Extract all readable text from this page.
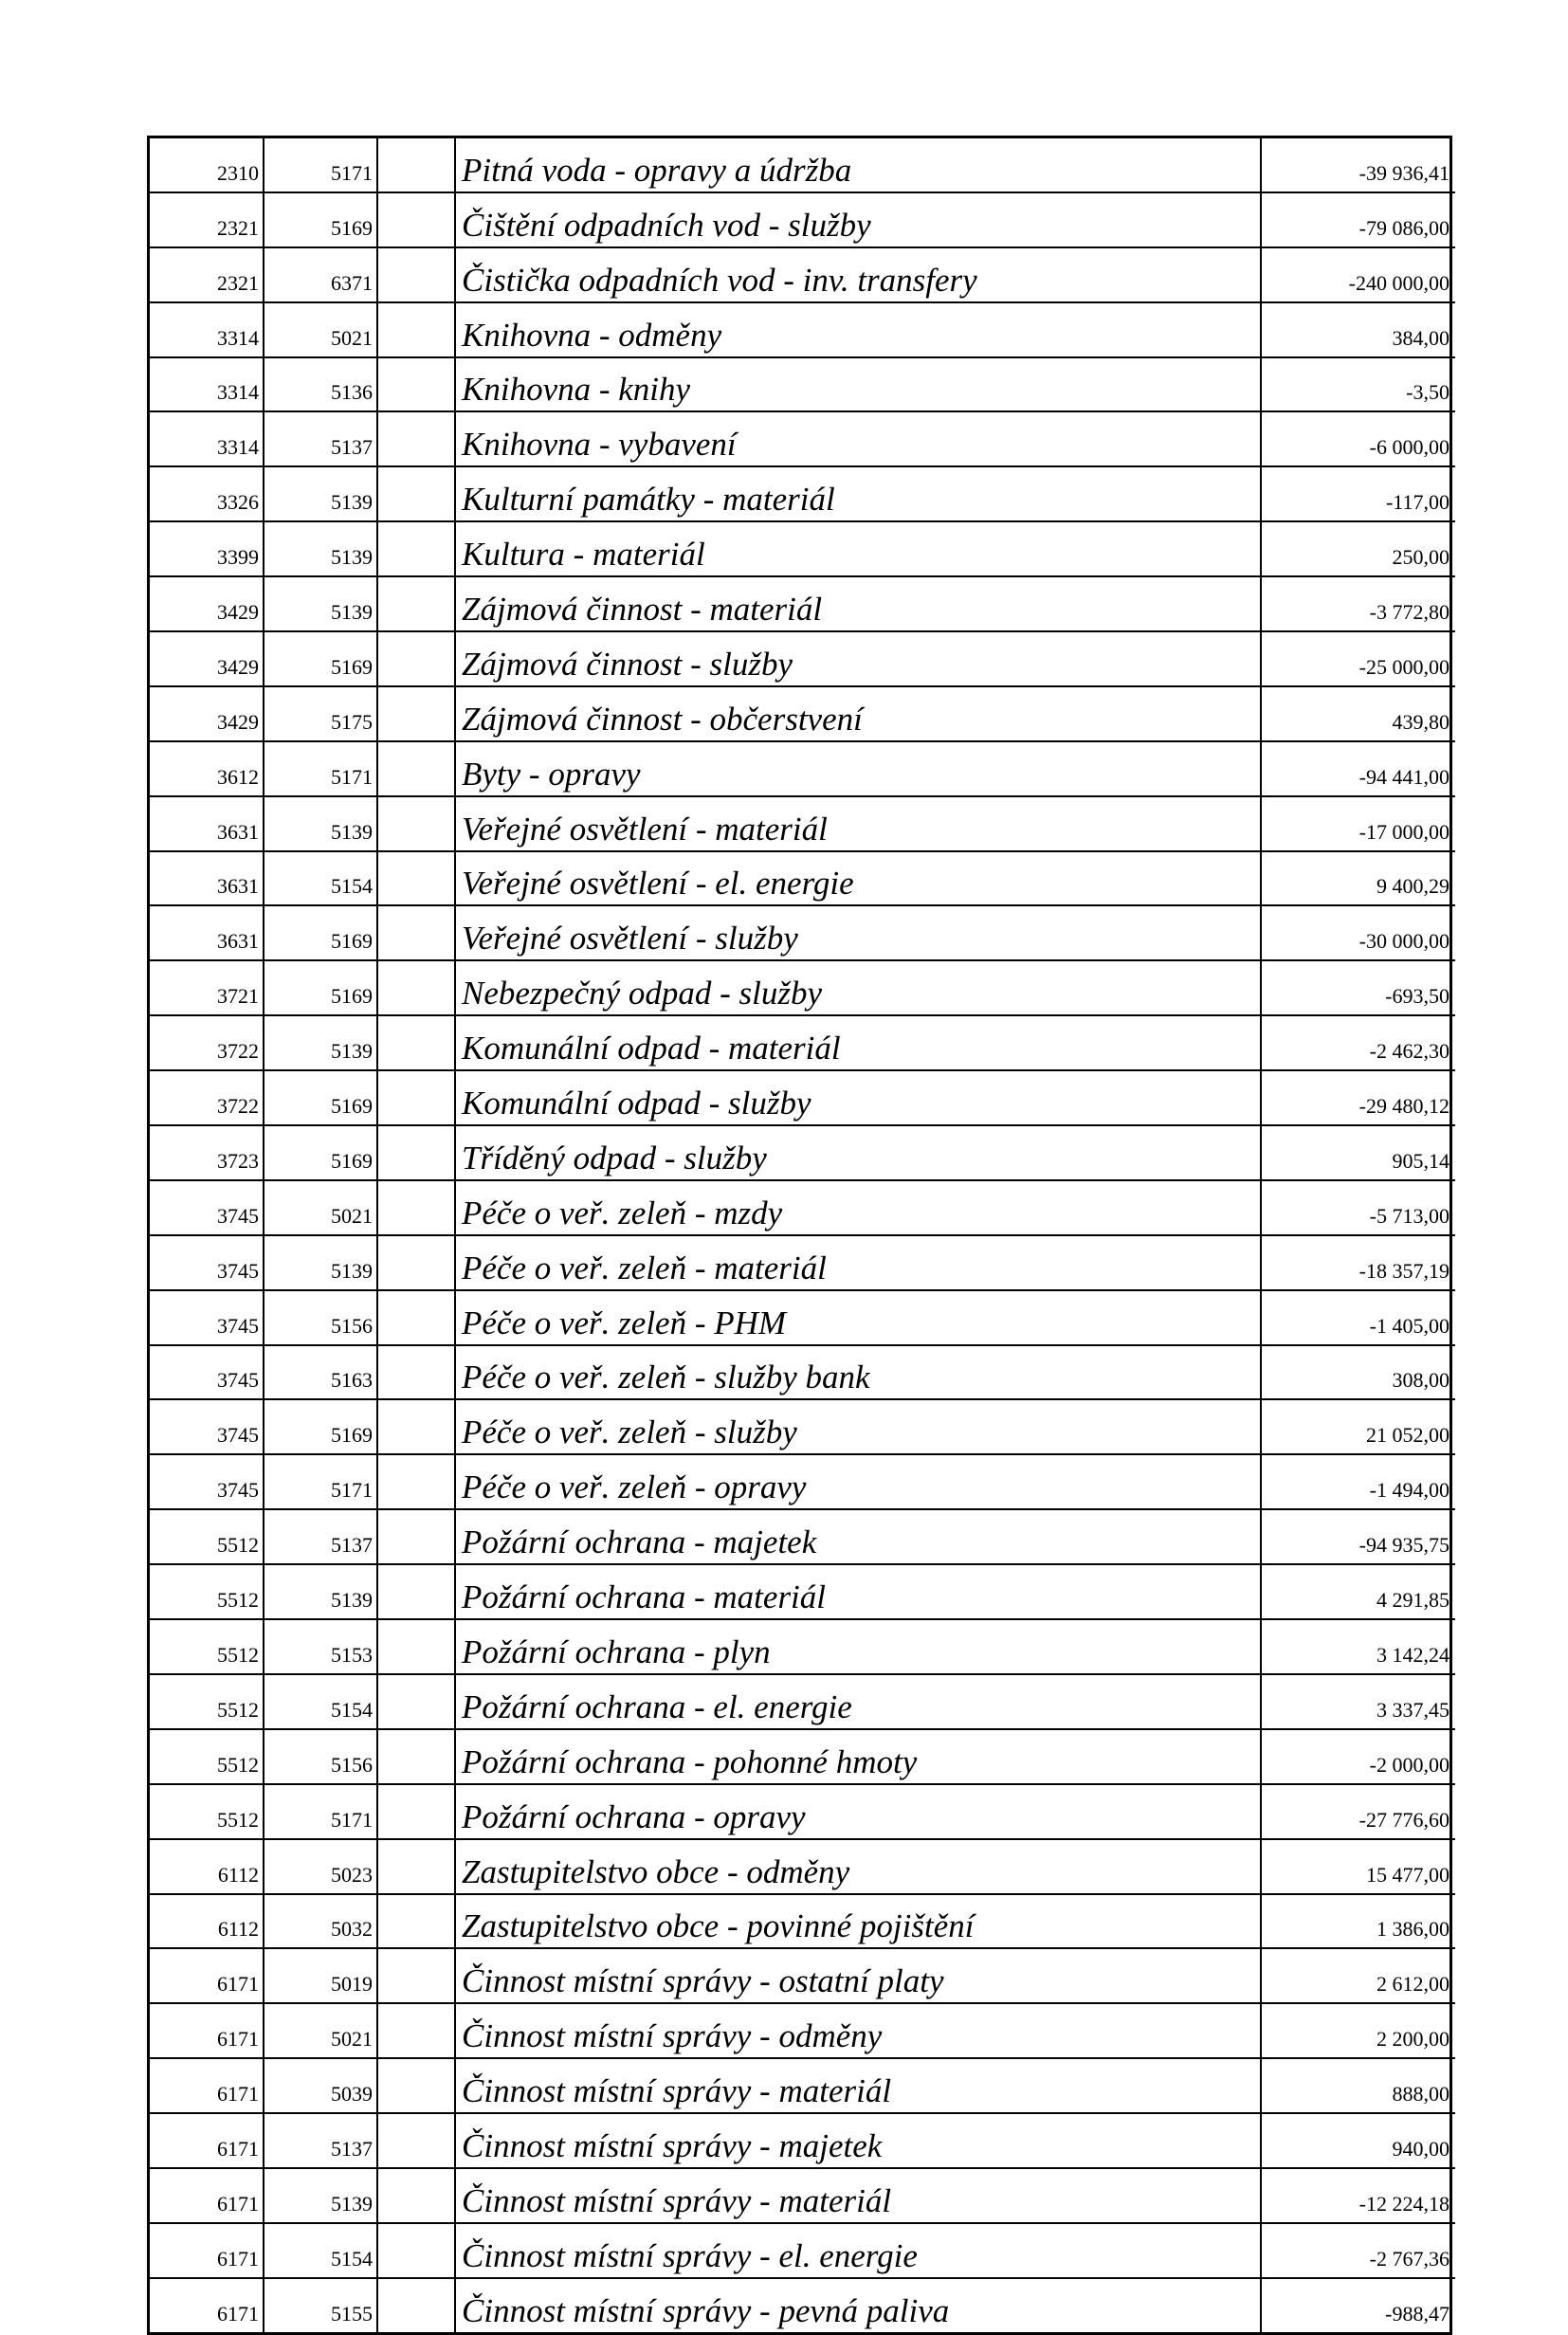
2310	5171		Pitná voda - opravy a údržba	-39 936,41
2321	5169		Čištění odpadních vod - služby	-79 086,00
2321	6371		Čistička odpadních vod - inv. transfery	-240 000,00
3314	5021		Knihovna - odměny	384,00
3314	5136		Knihovna - knihy	-3,50
3314	5137		Knihovna - vybavení	-6 000,00
3326	5139		Kulturní památky - materiál	-117,00
3399	5139		Kultura - materiál	250,00
3429	5139		Zájmová činnost - materiál	-3 772,80
3429	5169		Zájmová činnost - služby	-25 000,00
3429	5175		Zájmová činnost - občerstvení	439,80
3612	5171		Byty - opravy	-94 441,00
3631	5139		Veřejné osvětlení - materiál	-17 000,00
3631	5154		Veřejné osvětlení - el. energie	9 400,29
3631	5169		Veřejné osvětlení - služby	-30 000,00
3721	5169		Nebezpečný odpad - služby	-693,50
3722	5139		Komunální odpad - materiál	-2 462,30
3722	5169		Komunální odpad - služby	-29 480,12
3723	5169		Tříděný odpad - služby	905,14
3745	5021		Péče o veř. zeleň - mzdy	-5 713,00
3745	5139		Péče o veř. zeleň - materiál	-18 357,19
3745	5156		Péče o veř. zeleň - PHM	-1 405,00
3745	5163		Péče o veř. zeleň - služby bank	308,00
3745	5169		Péče o veř. zeleň - služby	21 052,00
3745	5171		Péče o veř. zeleň - opravy	-1 494,00
5512	5137		Požární ochrana - majetek	-94 935,75
5512	5139		Požární ochrana - materiál	4 291,85
5512	5153		Požární ochrana - plyn	3 142,24
5512	5154		Požární ochrana - el. energie	3 337,45
5512	5156		Požární ochrana - pohonné hmoty	-2 000,00
5512	5171		Požární ochrana - opravy	-27 776,60
6112	5023		Zastupitelstvo obce - odměny	15 477,00
6112	5032		Zastupitelstvo obce - povinné pojištění	1 386,00
6171	5019		Činnost místní správy - ostatní platy	2 612,00
6171	5021		Činnost místní správy - odměny	2 200,00
6171	5039		Činnost místní správy - materiál	888,00
6171	5137		Činnost místní správy - majetek	940,00
6171	5139		Činnost místní správy - materiál	-12 224,18
6171	5154		Činnost místní správy - el. energie	-2 767,36
6171	5155		Činnost místní správy - pevná paliva	-988,47
